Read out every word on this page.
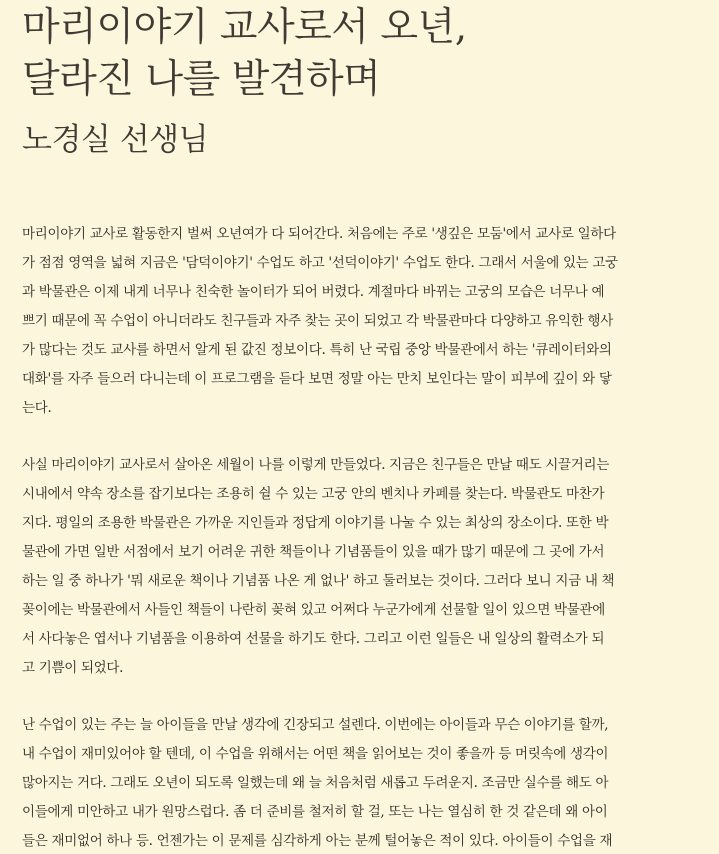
마리이야기 교사로서 오년,
달라진 나를 발견하며
노경실 선생님

마리이야기 교사로 활동한지 벌써 오년여가 다 되어간다. 처음에는 주로 '생깊은 모둠'에서 교사로 일하다
가 점점 영역을 넓혀 지금은 '담덕이야기' 수업도 하고 '선덕이야기' 수업도 한다. 그래서 서울에 있는 고궁
과 박물관은 이제 내게 너무나 친숙한 놀이터가 되어 버렸다. 계절마다 바뀌는 고궁의 모습은 너무나 예
쁘기 때문에 꼭 수업이 아니더라도 친구들과 자주 찾는 곳이 되었고 각 박물관마다 다양하고 유익한 행사
가 많다는 것도 교사를 하면서 알게 된 값진 정보이다. 특히 난 국립 중앙 박물관에서 하는 '큐레이터와의
대화'를 자주 들으러 다니는데 이 프로그램을 듣다 보면 정말 아는 만치 보인다는 말이 피부에 깊이 와 닿
는다.

사실 마리이야기 교사로서 살아온 세월이 나를 이렇게 만들었다. 지금은 친구들은 만날 때도 시끌거리는
시내에서 약속 장소를 잡기보다는 조용히 쉴 수 있는 고궁 안의 벤치나 카페를 찾는다. 박물관도 마찬가
지다. 평일의 조용한 박물관은 가까운 지인들과 정답게 이야기를 나눌 수 있는 최상의 장소이다. 또한 박
물관에 가면 일반 서점에서 보기 어려운 귀한 책들이나 기념품들이 있을 때가 많기 때문에 그 곳에 가서
하는 일 중 하나가 '뭐 새로운 책이나 기념품 나온 게 없나' 하고 둘러보는 것이다. 그러다 보니 지금 내 책
꽂이에는 박물관에서 사들인 책들이 나란히 꽂혀 있고 어쩌다 누군가에게 선물할 일이 있으면 박물관에
서 사다놓은 엽서나 기념품을 이용하여 선물을 하기도 한다. 그리고 이런 일들은 내 일상의 활력소가 되
고 기쁨이 되었다.

난 수업이 있는 주는 늘 아이들을 만날 생각에 긴장되고 설렌다. 이번에는 아이들과 무슨 이야기를 할까,
내 수업이 재미있어야 할 텐데, 이 수업을 위해서는 어떤 책을 읽어보는 것이 좋을까 등 머릿속에 생각이
많아지는 거다. 그래도 오년이 되도록 일했는데 왜 늘 처음처럼 새롭고 두려운지. 조금만 실수를 해도 아
이들에게 미안하고 내가 원망스럽다. 좀 더 준비를 철저히 할 걸, 또는 나는 열심히 한 것 같은데 왜 아이
들은 재미없어 하나 등. 언젠가는 이 문제를 심각하게 아는 분께 털어놓은 적이 있다. 아이들이 수업을 재
